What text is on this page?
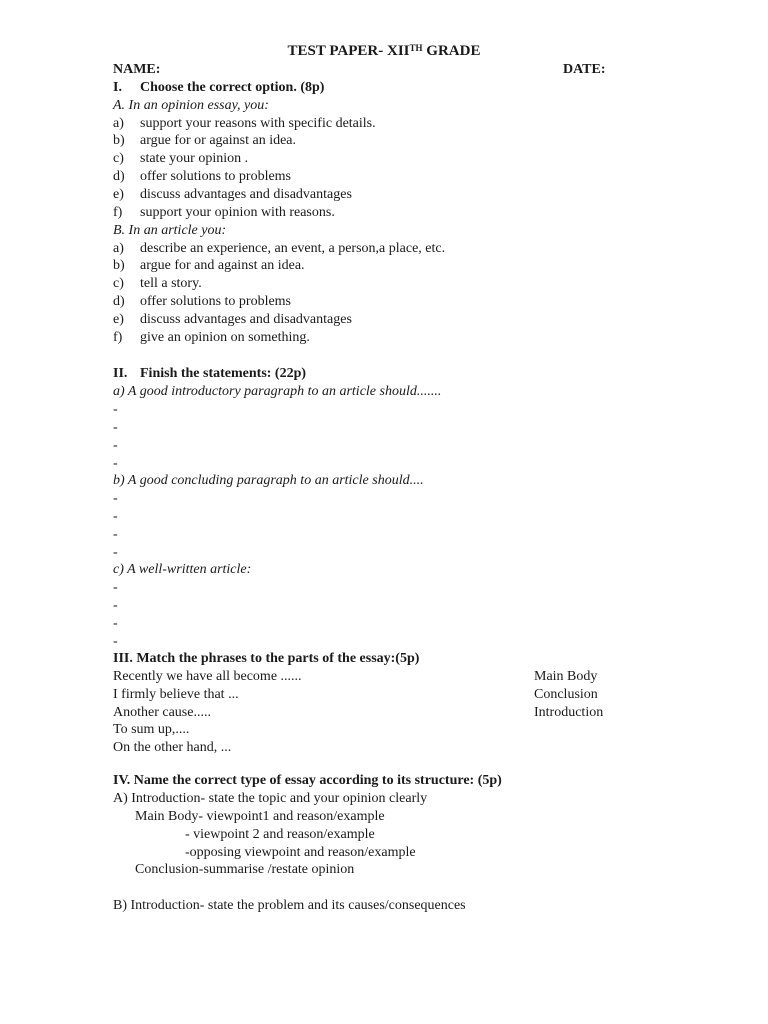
TEST PAPER- XIITH GRADE
NAME:	DATE:
I. Choose the correct option. (8p)
A. In an opinion essay, you:
a) support your reasons with specific details.
b) argue for or against an idea.
c) state your opinion .
d) offer solutions to problems
e) discuss advantages and disadvantages
f) support your opinion with reasons.
B. In an article you:
a) describe an experience, an event, a person,a place, etc.
b) argue for and against an idea.
c) tell a story.
d) offer solutions to problems
e) discuss advantages and disadvantages
f) give an opinion on something.
II. Finish the statements: (22p)
a) A good introductory paragraph to an article should.......
-
-
-
-
b) A good concluding paragraph to an article should....
-
-
-
-
c) A well-written article:
-
-
-
-
III. Match the phrases to the parts of the essay:(5p)
Recently we have all become ......
I firmly believe that ...
Another cause.....
To sum up,....
On the other hand, ...
Main Body
Conclusion
Introduction
IV. Name the correct type of essay according to its structure: (5p)
A) Introduction- state the topic and your opinion clearly
Main Body- viewpoint1 and reason/example
- viewpoint 2 and reason/example
-opposing viewpoint and reason/example
Conclusion-summarise /restate opinion
B) Introduction- state the problem and its causes/consequences
